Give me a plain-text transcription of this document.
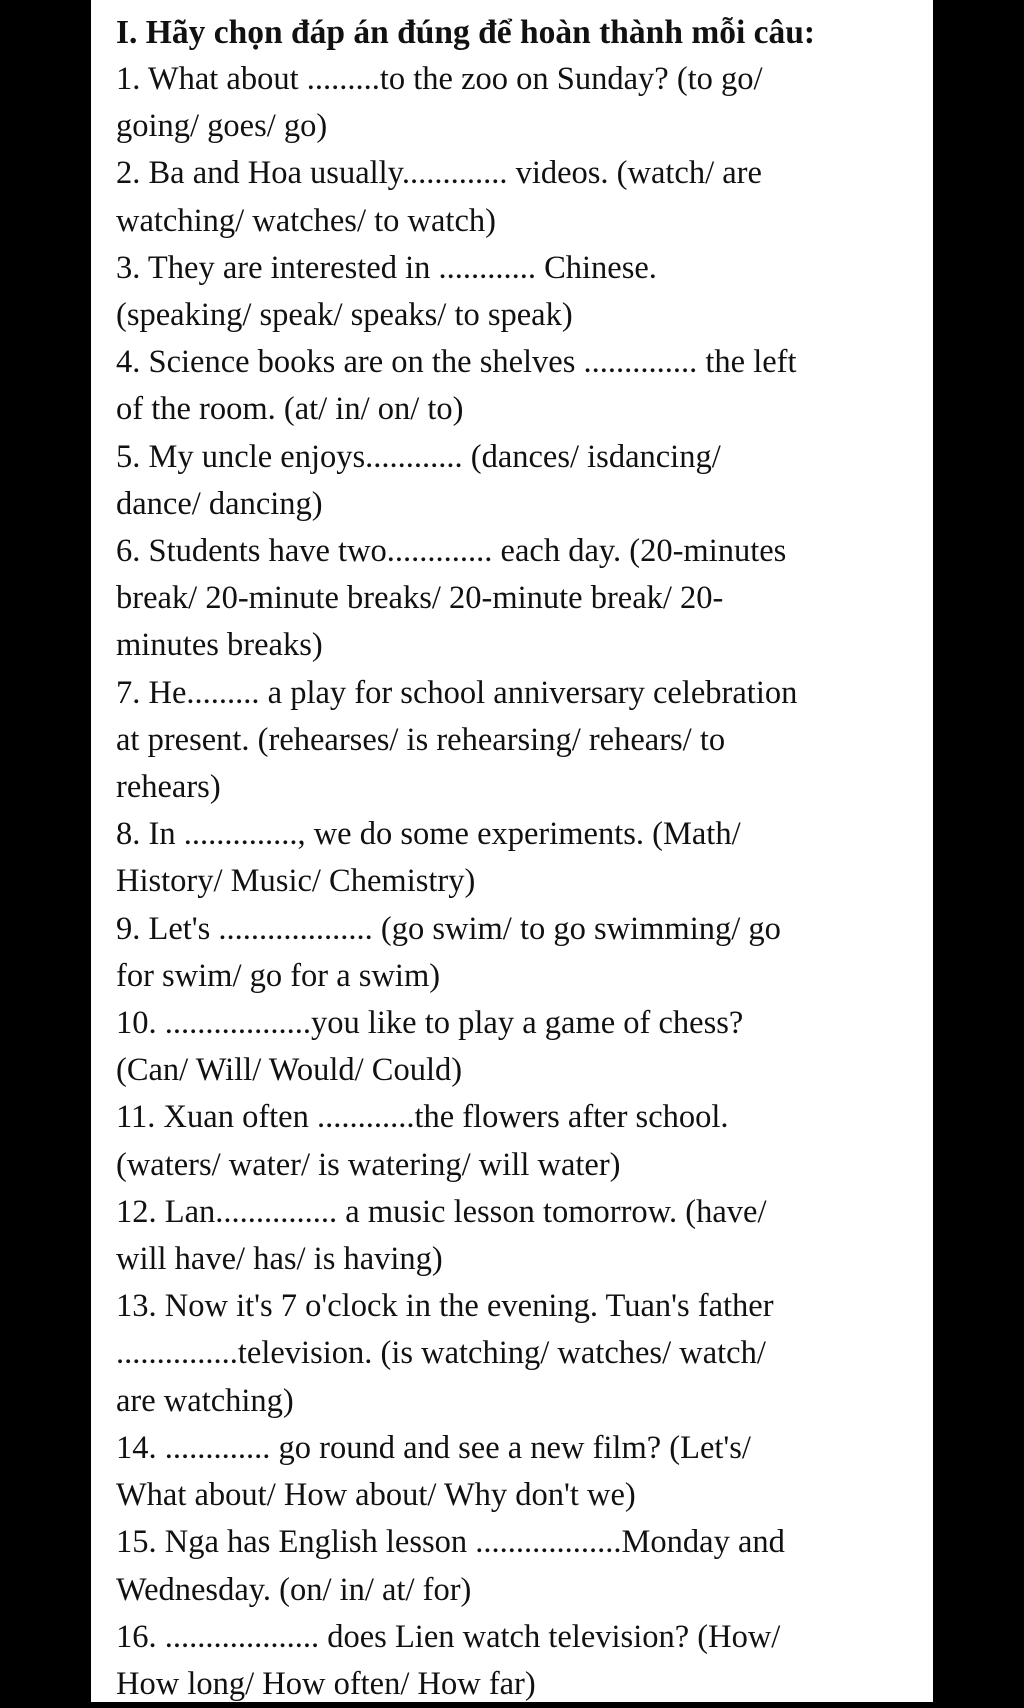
I. Hãy chọn đáp án đúng để hoàn thành mỗi câu:
1. What about .........to the zoo on Sunday? (to go/
going/ goes/ go)
2. Ba and Hoa usually............. videos. (watch/ are
watching/ watches/ to watch)
3. They are interested in ............ Chinese.
(speaking/ speak/ speaks/ to speak)
4. Science books are on the shelves .............. the left
of the room. (at/ in/ on/ to)
5. My uncle enjoys............ (dances/ isdancing/
dance/ dancing)
6. Students have two............. each day. (20-minutes
break/ 20-minute breaks/ 20-minute break/ 20-
minutes breaks)
7. He......... a play for school anniversary celebration
at present. (rehearses/ is rehearsing/ rehears/ to
rehears)
8. In .............., we do some experiments. (Math/
History/ Music/ Chemistry)
9. Let's ................... (go swim/ to go swimming/ go
for swim/ go for a swim)
10. ..................you like to play a game of chess?
(Can/ Will/ Would/ Could)
11. Xuan often ............the flowers after school.
(waters/ water/ is watering/ will water)
12. Lan............... a music lesson tomorrow. (have/
will have/ has/ is having)
13. Now it's 7 o'clock in the evening. Tuan's father
...............television. (is watching/ watches/ watch/
are watching)
14. ............. go round and see a new film? (Let's/
What about/ How about/ Why don't we)
15. Nga has English lesson ..................Monday and
Wednesday. (on/ in/ at/ for)
16. ................... does Lien watch television? (How/
How long/ How often/ How far)
